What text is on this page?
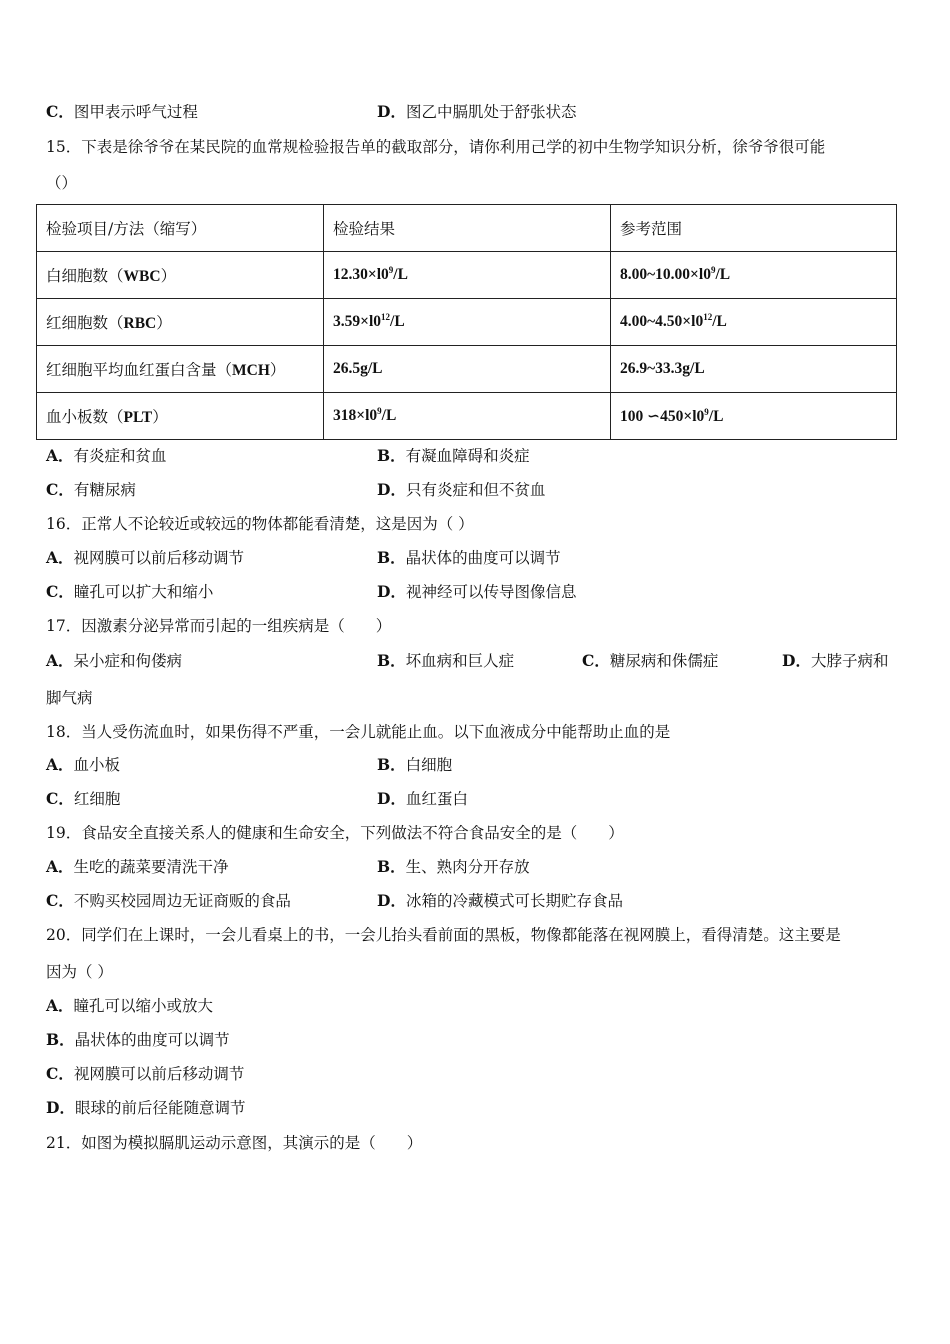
C．图甲表示呼气过程	D．图乙中膈肌处于舒张状态
15．下表是徐爷爷在某民院的血常规检验报告单的截取部分，请你利用己学的初中生物学知识分析，徐爷爷很可能
（）
检验项目/方法（缩写）	检验结果	参考范围
白细胞数（WBC）	$12.30\times l0^9/L$	$8.00\sim 10.00\times l0^9/L$
红细胞数（RBC）	$3.59\times l0^{12}/L$	$4.00\sim 4.50\times l0^{12}/L$
红细胞平均血红蛋白含量（MCH）	26.5g/L	26.9~33.3g/L
血小板数（PLT）	$318\times l0^9/L$	100 $∽450\times l0^9/L$
A．有炎症和贫血	B．有凝血障碍和炎症
C．有糖尿病	D．只有炎症和但不贫血
16．正常人不论较近或较远的物体都能看清楚，这是因为（ ）
A．视网膜可以前后移动调节	B．晶状体的曲度可以调节
C．瞳孔可以扩大和缩小	D．视神经可以传导图像信息
17．因激素分泌异常而引起的一组疾病是（　　）
A．呆小症和佝偻病	B．坏血病和巨人症	C．糖尿病和侏儒症	D．大脖子病和
脚气病
18．当人受伤流血时，如果伤得不严重，一会儿就能止血。以下血液成分中能帮助止血的是
A．血小板	B．白细胞
C．红细胞	D．血红蛋白
19．食品安全直接关系人的健康和生命安全，下列做法不符合食品安全的是（　　）
A．生吃的蔬菜要清洗干净	B．生、熟肉分开存放
C．不购买校园周边无证商贩的食品	D．冰箱的冷藏模式可长期贮存食品
20．同学们在上课时，一会儿看桌上的书，一会儿抬头看前面的黑板，物像都能落在视网膜上，看得清楚。这主要是
因为（ ）
A．瞳孔可以缩小或放大
B．晶状体的曲度可以调节
C．视网膜可以前后移动调节
D．眼球的前后径能随意调节
21．如图为模拟膈肌运动示意图，其演示的是（　　）
